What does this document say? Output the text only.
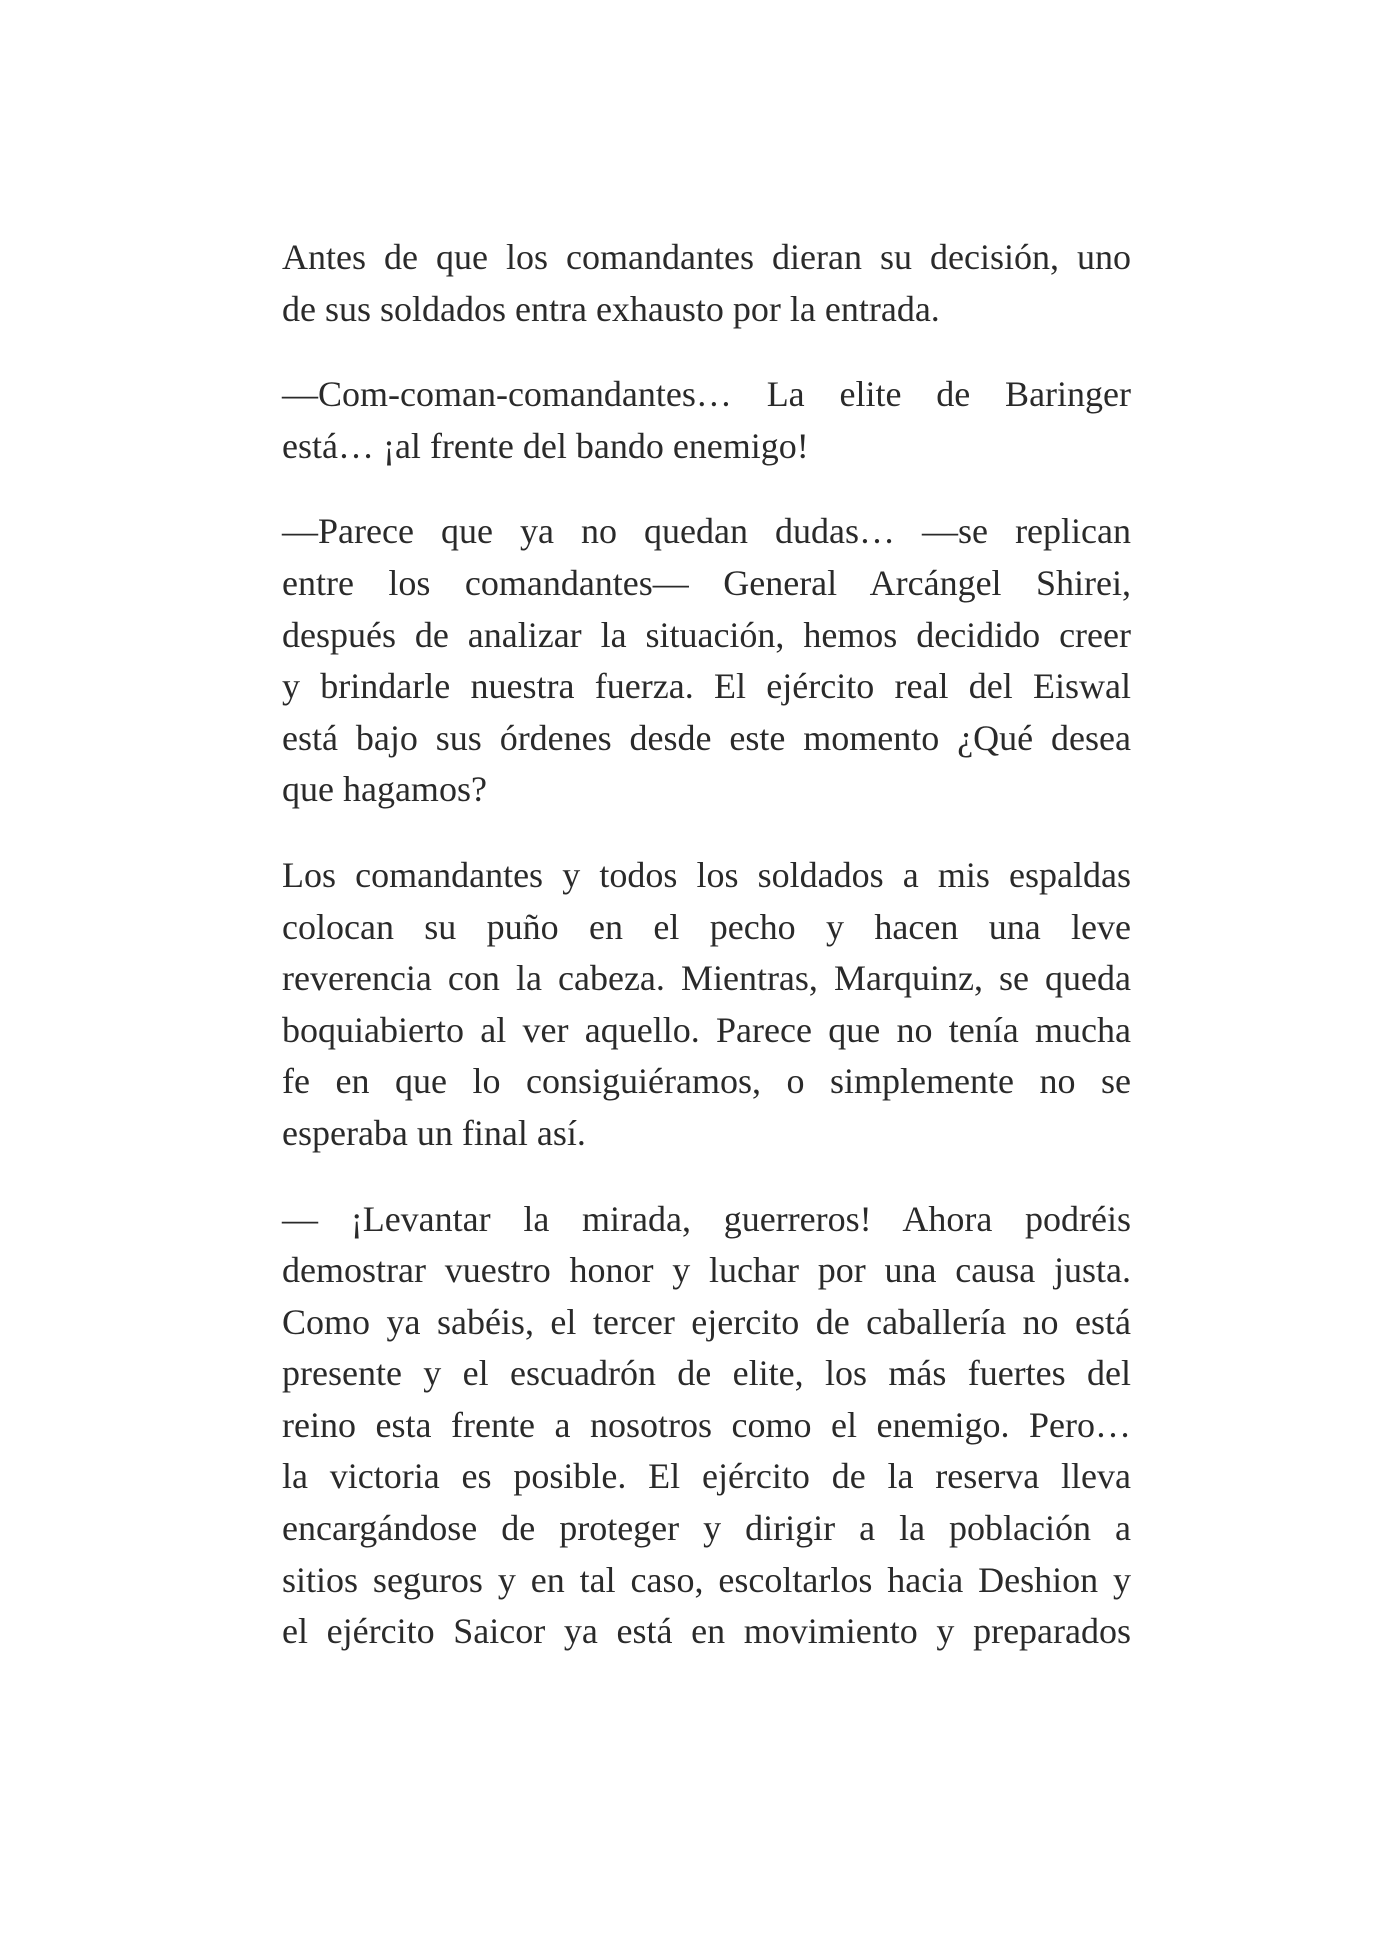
Antes de que los comandantes dieran su decisión, uno
de sus soldados entra exhausto por la entrada.

—Com-coman-comandantes… La elite de Baringer
está… ¡al frente del bando enemigo!

—Parece que ya no quedan dudas… —se replican
entre los comandantes— General Arcángel Shirei,
después de analizar la situación, hemos decidido creer
y brindarle nuestra fuerza. El ejército real del Eiswal
está bajo sus órdenes desde este momento ¿Qué desea
que hagamos?

Los comandantes y todos los soldados a mis espaldas
colocan su puño en el pecho y hacen una leve
reverencia con la cabeza. Mientras, Marquinz, se queda
boquiabierto al ver aquello. Parece que no tenía mucha
fe en que lo consiguiéramos, o simplemente no se
esperaba un final así.

— ¡Levantar la mirada, guerreros! Ahora podréis
demostrar vuestro honor y luchar por una causa justa.
Como ya sabéis, el tercer ejercito de caballería no está
presente y el escuadrón de elite, los más fuertes del
reino esta frente a nosotros como el enemigo. Pero…
la victoria es posible. El ejército de la reserva lleva
encargándose de proteger y dirigir a la población a
sitios seguros y en tal caso, escoltarlos hacia Deshion y
el ejército Saicor ya está en movimiento y preparados
